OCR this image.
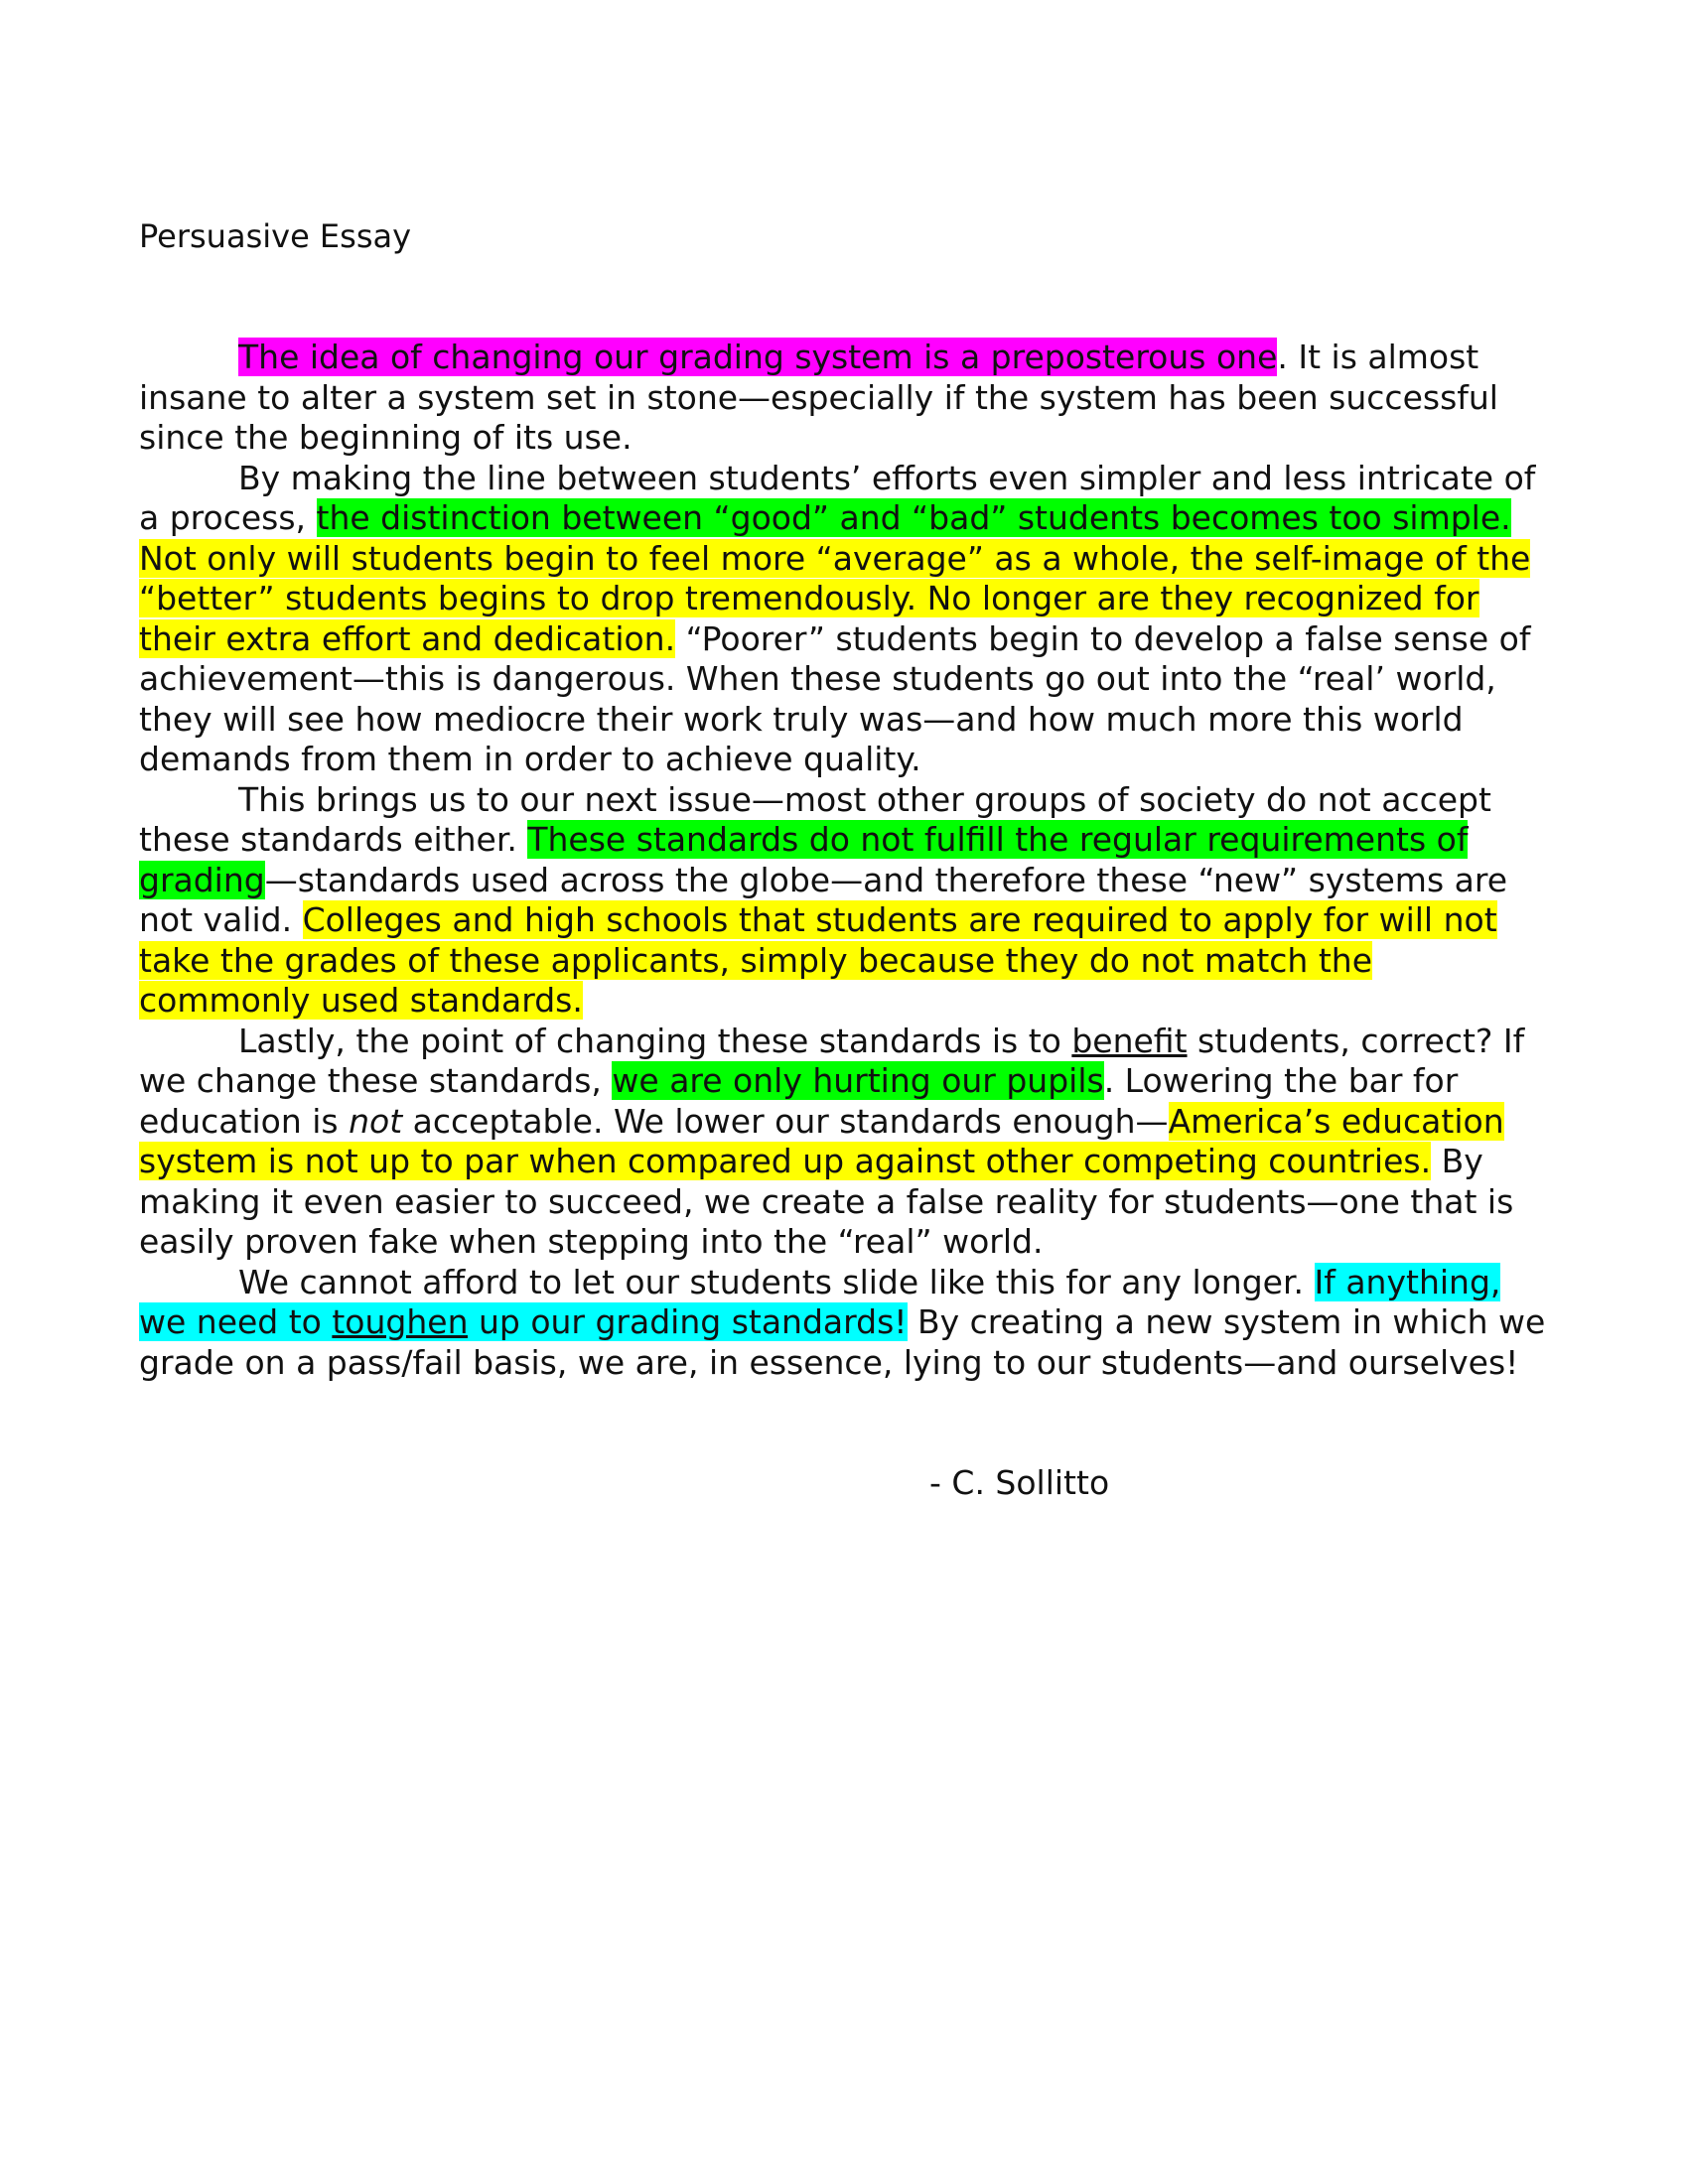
Persuasive Essay

The idea of changing our grading system is a preposterous one. It is almost insane to alter a system set in stone—especially if the system has been successful since the beginning of its use.

By making the line between students’ efforts even simpler and less intricate of a process, the distinction between “good” and “bad” students becomes too simple. Not only will students begin to feel more “average” as a whole, the self-image of the “better” students begins to drop tremendously. No longer are they recognized for their extra effort and dedication. “Poorer” students begin to develop a false sense of achievement—this is dangerous. When these students go out into the “real’ world, they will see how mediocre their work truly was—and how much more this world demands from them in order to achieve quality.

This brings us to our next issue—most other groups of society do not accept these standards either. These standards do not fulfill the regular requirements of grading—standards used across the globe—and therefore these “new” systems are not valid. Colleges and high schools that students are required to apply for will not take the grades of these applicants, simply because they do not match the commonly used standards.

Lastly, the point of changing these standards is to benefit students, correct? If we change these standards, we are only hurting our pupils. Lowering the bar for education is not acceptable. We lower our standards enough—America’s education system is not up to par when compared up against other competing countries. By making it even easier to succeed, we create a false reality for students—one that is easily proven fake when stepping into the “real” world.

We cannot afford to let our students slide like this for any longer. If anything, we need to toughen up our grading standards! By creating a new system in which we grade on a pass/fail basis, we are, in essence, lying to our students—and ourselves!

- C. Sollitto
